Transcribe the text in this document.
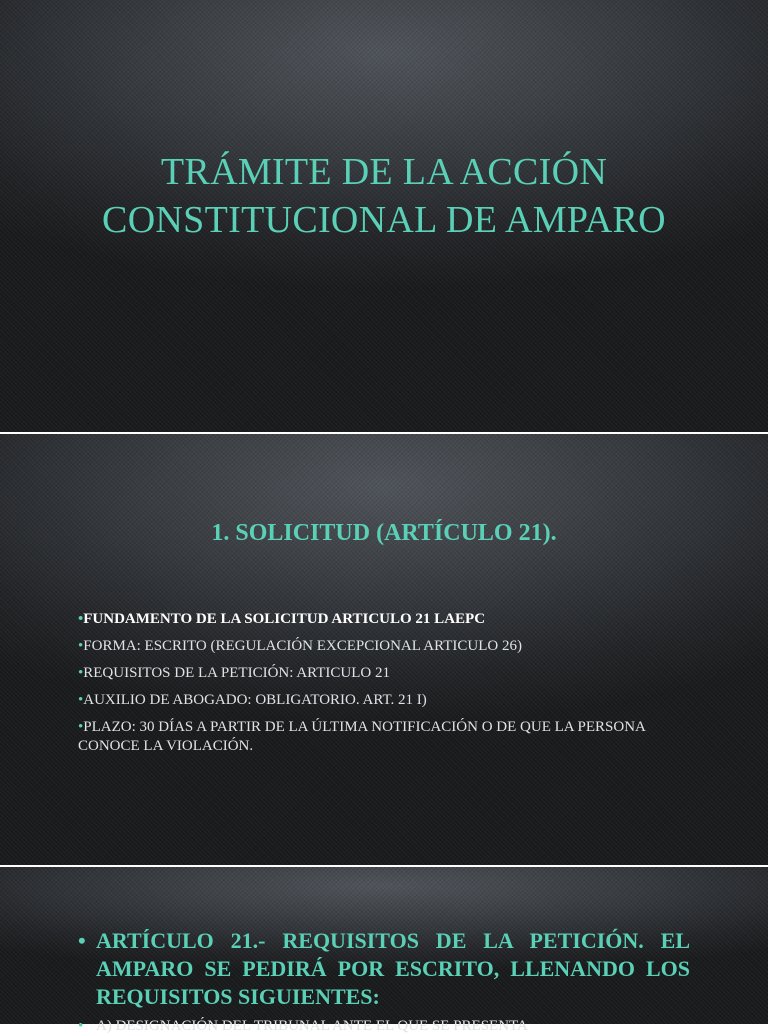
TRÁMITE DE LA ACCIÓN CONSTITUCIONAL DE AMPARO
1. SOLICITUD (ARTÍCULO 21).
•FUNDAMENTO DE LA SOLICITUD ARTICULO 21 LAEPC
•FORMA: ESCRITO (REGULACIÓN EXCEPCIONAL ARTICULO 26)
•REQUISITOS DE LA PETICIÓN: ARTICULO 21
•AUXILIO DE ABOGADO: OBLIGATORIO. ART. 21 I)
•PLAZO: 30 DÍAS A PARTIR DE LA ÚLTIMA NOTIFICACIÓN O DE QUE LA PERSONA CONOCE LA VIOLACIÓN.
• ARTÍCULO 21.- REQUISITOS DE LA PETICIÓN. EL AMPARO SE PEDIRÁ POR ESCRITO, LLENANDO LOS REQUISITOS SIGUIENTES:
• A) DESIGNACIÓN DEL TRIBUNAL ANTE EL QUE SE PRESENTA
